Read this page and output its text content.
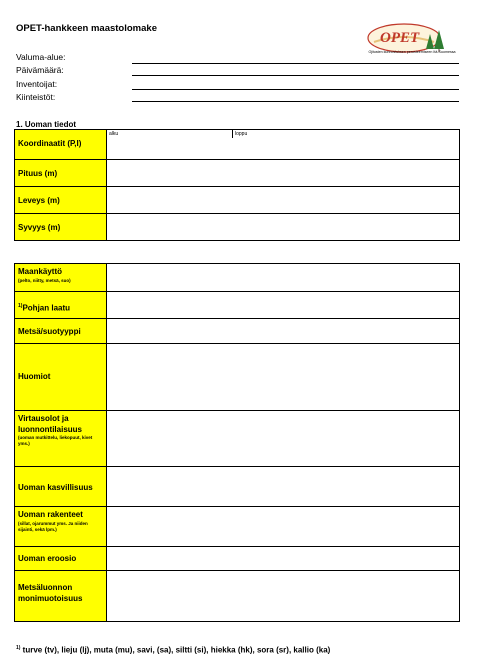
OPET-hankkeen maastolomake
OPET
Ojitusten kunnostuksen perusteemiseen Itä-Suomessa
Valuma-alue:
Päivämäärä:
Inventoijat:
Kiinteistöt:
1. Uoman tiedot
Koordinaatit (P,I)	alku loppu

Pituus (m)	
Leveys (m)	
Syvyys (m)	
Maankäyttö
(pelto, niitty, metsä, suo)	

$^{1)}$Pohjan laatu	
Metsä/suotyyppi	
Huomiot	

Virtausolot ja luonnontilaisuus
(uoman mutkittelu, liekopuut, kivet yms.)	

Uoman kasvillisuus	

Uoman rakenteet
(sillat, ojarummut yms. Ja niiden sijainti, sekä lpm.)	

Uoman eroosio	

Metsäluonnon monimuotoisuus	

$^{1)}$ turve (tv), lieju (lj), muta (mu), savi, (sa), siltti (si), hiekka (hk), sora (sr), kallio (ka)
